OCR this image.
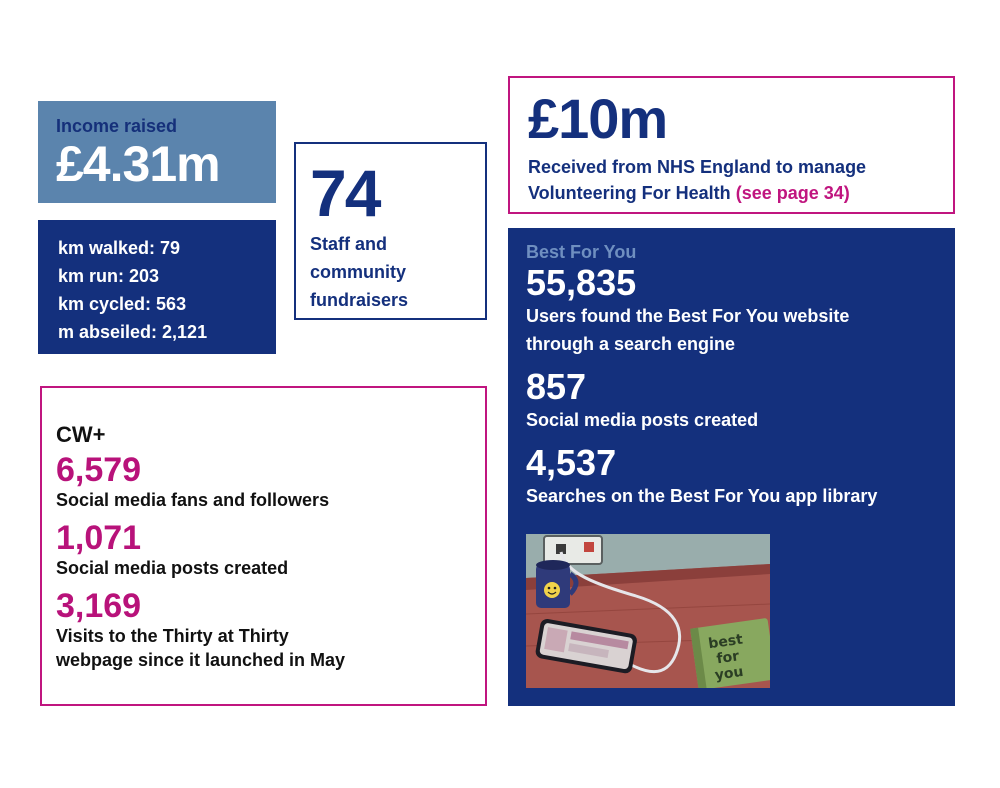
Income raised
£4.31m
km walked: 79
km run: 203
km cycled: 563
m abseiled: 2,121
74
Staff and
community
fundraisers
£10m
Received from NHS England to manage
Volunteering For Health (see page 34)
Best For You
55,835
Users found the Best For You website
through a search engine
857
Social media posts created
4,537
Searches on the Best For You app library
best
for
you
CW+
6,579
Social media fans and followers
1,071
Social media posts created
3,169
Visits to the Thirty at Thirty
webpage since it launched in May
